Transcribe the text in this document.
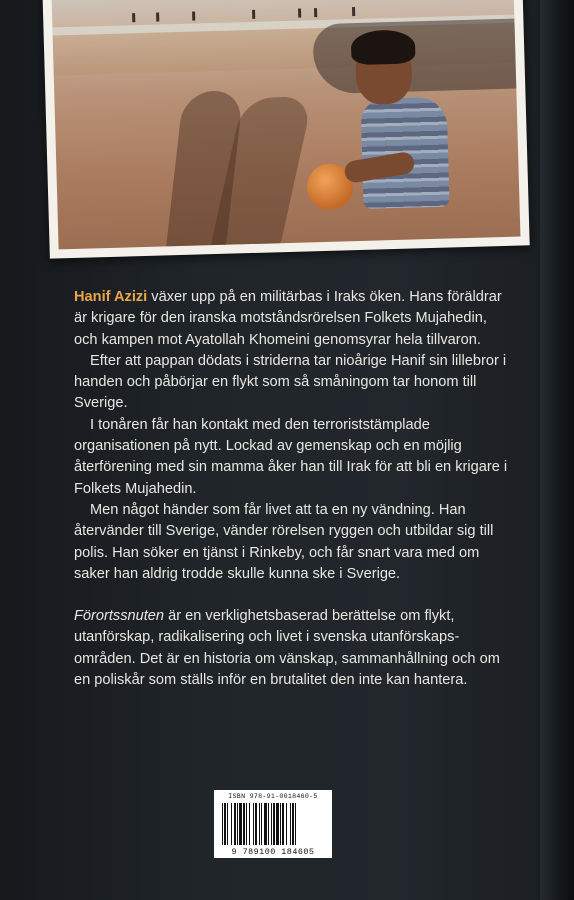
Hanif Azizi växer upp på en militärbas i Iraks öken. Hans föräldrar är krigare för den iranska motståndsrörelsen Folkets Mujahedin, och kampen mot Ayatollah Khomeini genomsyrar hela tillvaron.

Efter att pappan dödats i striderna tar nioårige Hanif sin lillebror i handen och påbörjar en flykt som så småningom tar honom till Sverige.

I tonåren får han kontakt med den terroriststämplade organisationen på nytt. Lockad av gemenskap och en möjlig återförening med sin mamma åker han till Irak för att bli en krigare i Folkets Mujahedin.

Men något händer som får livet att ta en ny vändning. Han återvänder till Sverige, vänder rörelsen ryggen och utbildar sig till polis. Han söker en tjänst i Rinkeby, och får snart vara med om saker han aldrig trodde skulle kunna ske i Sverige.

Förortssnuten är en verklighetsbaserad berättelse om flykt, utanförskap, radikalisering och livet i svenska utanförskaps-områden. Det är en historia om vänskap, sammanhållning och om en poliskår som ställs inför en brutalitet den inte kan hantera.

ISBN 978-91-0018460-5
9 789100 184605
